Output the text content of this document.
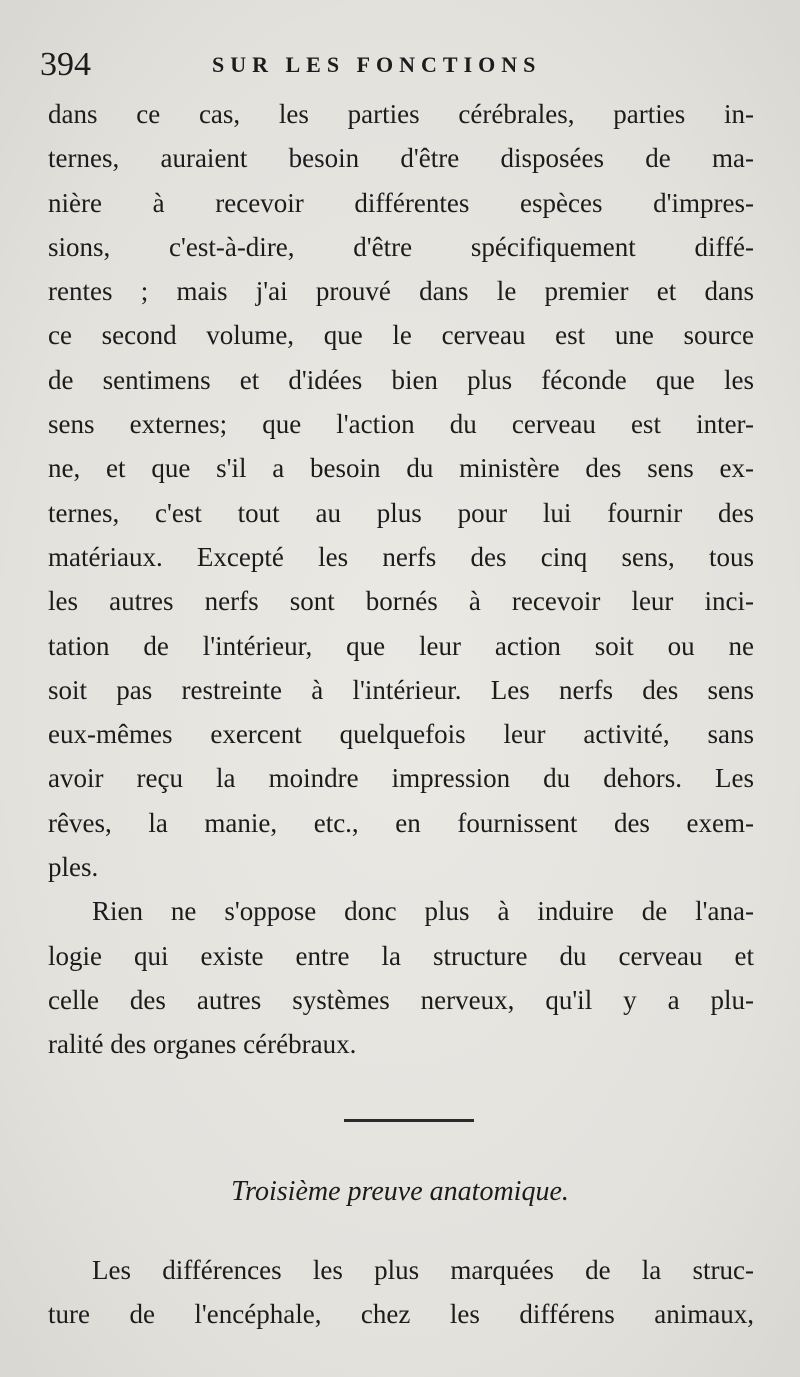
394	SUR LES FONCTIONS
dans ce cas, les parties cérébrales, parties in-
ternes, auraient besoin d'être disposées de ma-
nière à recevoir différentes espèces d'impres-
sions, c'est-à-dire, d'être spécifiquement diffé-
rentes ; mais j'ai prouvé dans le premier et dans
ce second volume, que le cerveau est une source
de sentimens et d'idées bien plus féconde que les
sens externes; que l'action du cerveau est inter-
ne, et que s'il a besoin du ministère des sens ex-
ternes, c'est tout au plus pour lui fournir des
matériaux. Excepté les nerfs des cinq sens, tous
les autres nerfs sont bornés à recevoir leur inci-
tation de l'intérieur, que leur action soit ou ne
soit pas restreinte à l'intérieur. Les nerfs des sens
eux-mêmes exercent quelquefois leur activité, sans
avoir reçu la moindre impression du dehors. Les
rêves, la manie, etc., en fournissent des exem-
ples.
Rien ne s'oppose donc plus à induire de l'ana-
logie qui existe entre la structure du cerveau et
celle des autres systèmes nerveux, qu'il y a plu-
ralité des organes cérébraux.
Troisième preuve anatomique.
Les différences les plus marquées de la struc-
ture de l'encéphale, chez les différens animaux,
